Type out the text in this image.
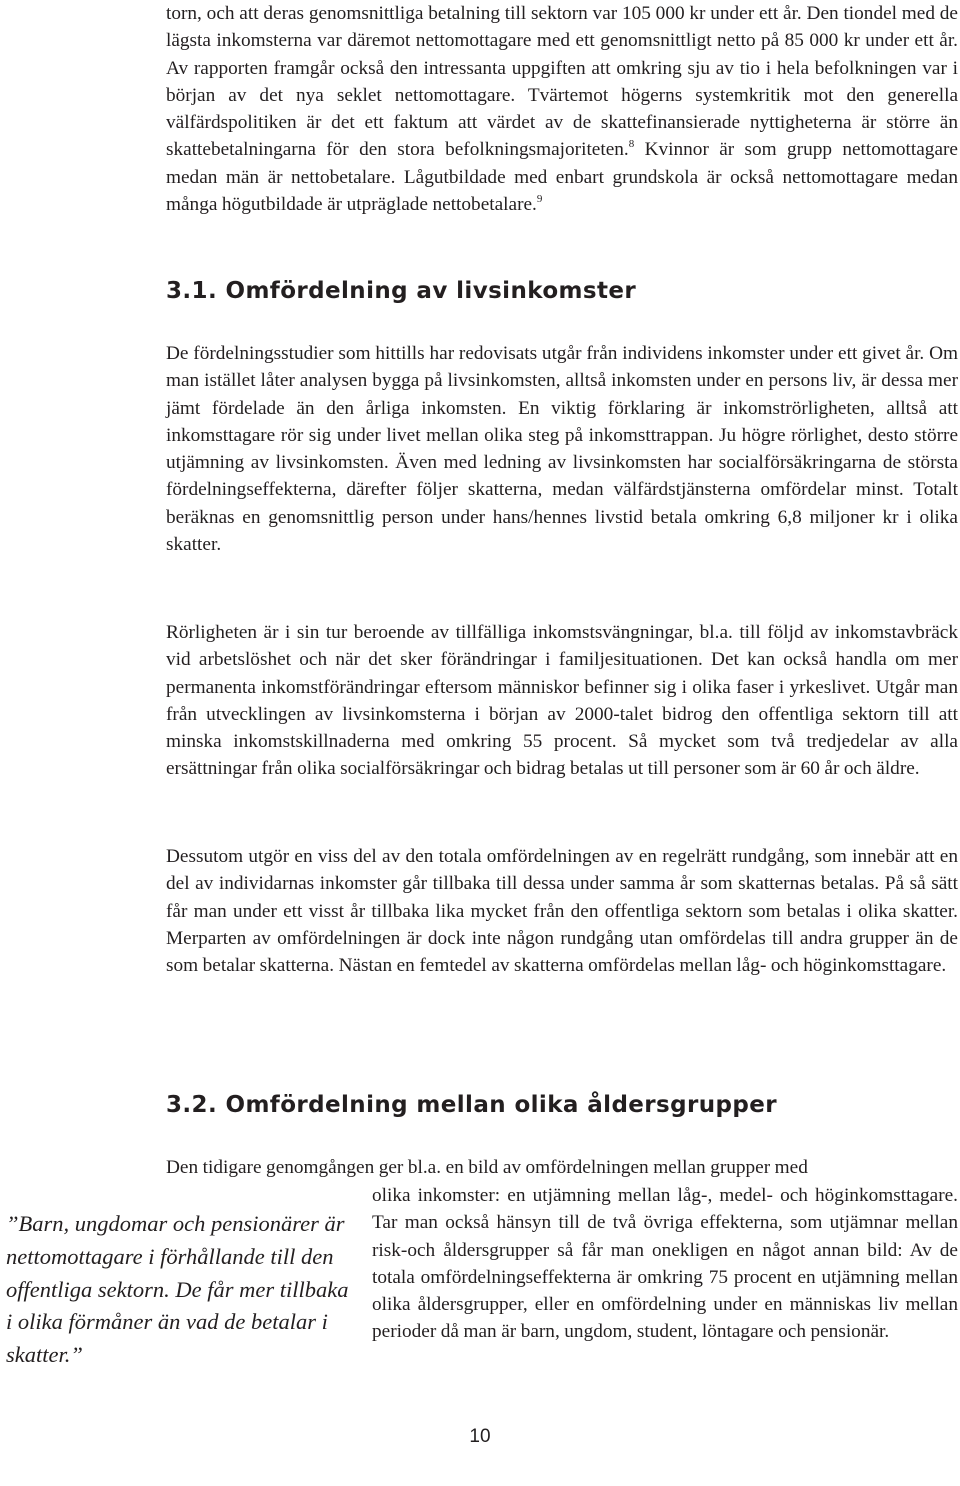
torn, och att deras genomsnittliga betalning till sektorn var 105 000 kr under ett år. Den tiondel med de lägsta inkomsterna var däremot nettomottagare med ett genomsnittligt netto på 85 000 kr under ett år. Av rapporten framgår också den intressanta uppgiften att omkring sju av tio i hela befolkningen var i början av det nya seklet nettomottagare. Tvärtemot högerns systemkritik mot den generella välfärdspolitiken är det ett faktum att värdet av de skattefinansierade nyttigheterna är större än skattebetalningarna för den stora befolkningsmajoriteten.$^8$ Kvinnor är som grupp nettomottagare medan män är nettobetalare. Lågutbildade med enbart grundskola är också nettomottagare medan många högutbildade är utpräglade nettobetalare.$^9$

3.1. Omfördelning av livsinkomster

De fördelningsstudier som hittills har redovisats utgår från individens inkomster under ett givet år. Om man istället låter analysen bygga på livsinkomsten, alltså inkomsten under en persons liv, är dessa mer jämt fördelade än den årliga inkomsten. En viktig förklaring är inkomströrligheten, alltså att inkomsttagare rör sig under livet mellan olika steg på inkomsttrappan. Ju högre rörlighet, desto större utjämning av livsinkomsten. Även med ledning av livsinkomsten har socialförsäkringarna de största fördelningseffekterna, därefter följer skatterna, medan välfärdstjänsterna omfördelar minst. Totalt beräknas en genomsnittlig person under hans/hennes livstid betala omkring 6,8 miljoner kr i olika skatter.

Rörligheten är i sin tur beroende av tillfälliga inkomstsvängningar, bl.a. till följd av inkomstavbräck vid arbetslöshet och när det sker förändringar i familjesituationen. Det kan också handla om mer permanenta inkomstförändringar eftersom människor befinner sig i olika faser i yrkeslivet. Utgår man från utvecklingen av livsinkomsterna i början av 2000-talet bidrog den offentliga sektorn till att minska inkomstskillnaderna med omkring 55 procent. Så mycket som två tredjedelar av alla ersättningar från olika socialförsäkringar och bidrag betalas ut till personer som är 60 år och äldre.

Dessutom utgör en viss del av den totala omfördelningen av en regelrätt rundgång, som innebär att en del av individarnas inkomster går tillbaka till dessa under samma år som skatternas betalas. På så sätt får man under ett visst år tillbaka lika mycket från den offentliga sektorn som betalas i olika skatter. Merparten av omfördelningen är dock inte någon rundgång utan omfördelas till andra grupper än de som betalar skatterna. Nästan en femtedel av skatterna omfördelas mellan låg- och höginkomsttagare.

3.2. Omfördelning mellan olika åldersgrupper

Den tidigare genomgången ger bl.a. en bild av omfördelningen mellan grupper med

olika inkomster: en utjämning mellan låg-, medel- och höginkomsttagare. Tar man också hänsyn till de två övriga effekterna, som utjämnar mellan risk-och åldersgrupper så får man onekligen en något annan bild: Av de totala omfördelningseffekterna är omkring 75 procent en utjämning mellan olika åldersgrupper, eller en omfördelning under en människas liv mellan perioder då man är barn, ungdom, student, löntagare och pensionär.

”Barn, ungdomar och pensionärer är nettomottagare i förhållande till den offentliga sektorn. De får mer tillbaka i olika förmåner än vad de betalar i skatter.”

10
